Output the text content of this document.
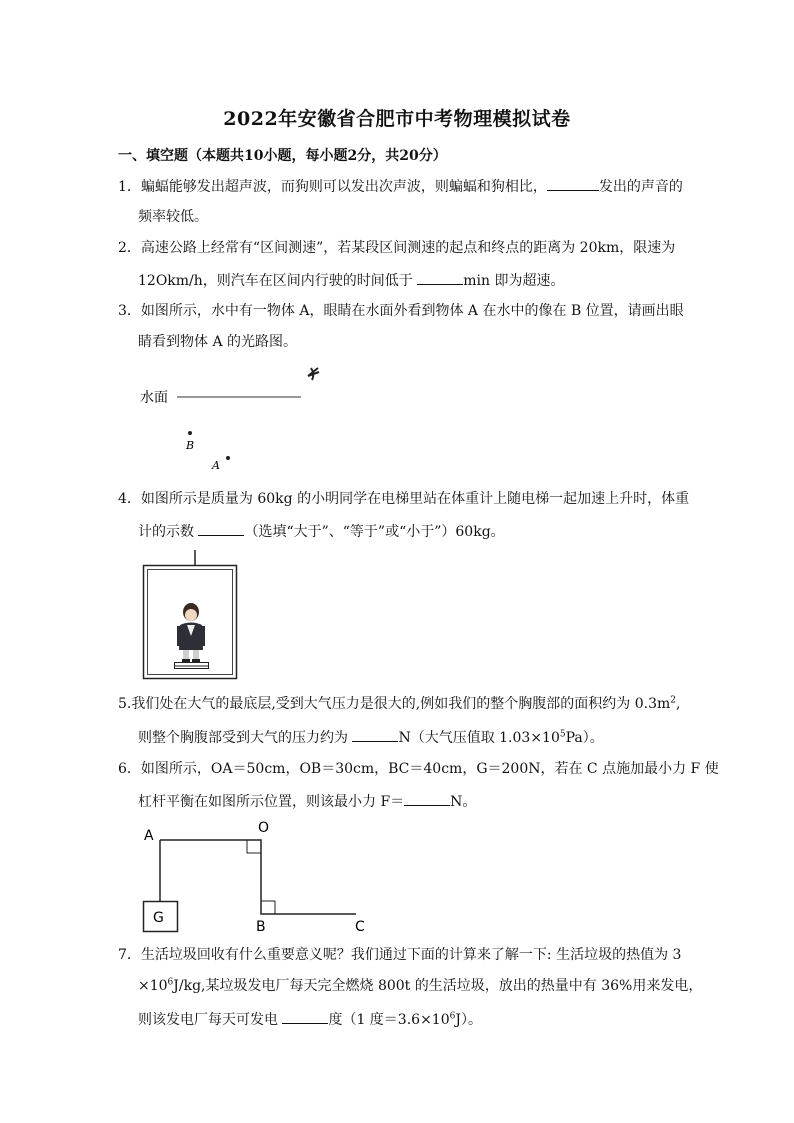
2022年安徽省合肥市中考物理模拟试卷
一、填空题（本题共10小题，每小题2分，共20分）
1．蝙蝠能够发出超声波，而狗则可以发出次声波，则蝙蝠和狗相比，	发出的声音的
频率较低。
2．高速公路上经常有“区间测速”，若某段区间测速的起点和终点的距离为 20km，限速为
12Okm/h，则汽车在区间内行驶的时间低于	min 即为超速。
3．如图所示，水中有一物体 A，眼睛在水面外看到物体 A 在水中的像在 B 位置，请画出眼
睛看到物体 A 的光路图。
水面
B
A
4．如图所示是质量为 60kg 的小明同学在电梯里站在体重计上随电梯一起加速上升时，体重
计的示数	（选填“大于”、“等于”或“小于”）60kg。
5.我们处在大气的最底层,受到大气压力是很大的,例如我们的整个胸腹部的面积约为 $0.3m^2$,
则整个胸腹部受到大气的压力约为	N（大气压值取 $1.03\times 10^5Pa$）。
6．如图所示，OA＝50cm，OB＝30cm，BC＝40cm，G＝200N，若在 C 点施加最小力 F 使
杠杆平衡在如图所示位置，则该最小力 F＝	N。
A	O
B	C
G
7．生活垃圾回收有什么重要意义呢？我们通过下面的计算来了解一下: 生活垃圾的热值为 3
$\times 10^6J/kg$,某垃圾发电厂每天完全燃烧 800t 的生活垃圾，放出的热量中有 36%用来发电，
则该发电厂每天可发电	度（1 度$=3.6\times 10^6J$）。
